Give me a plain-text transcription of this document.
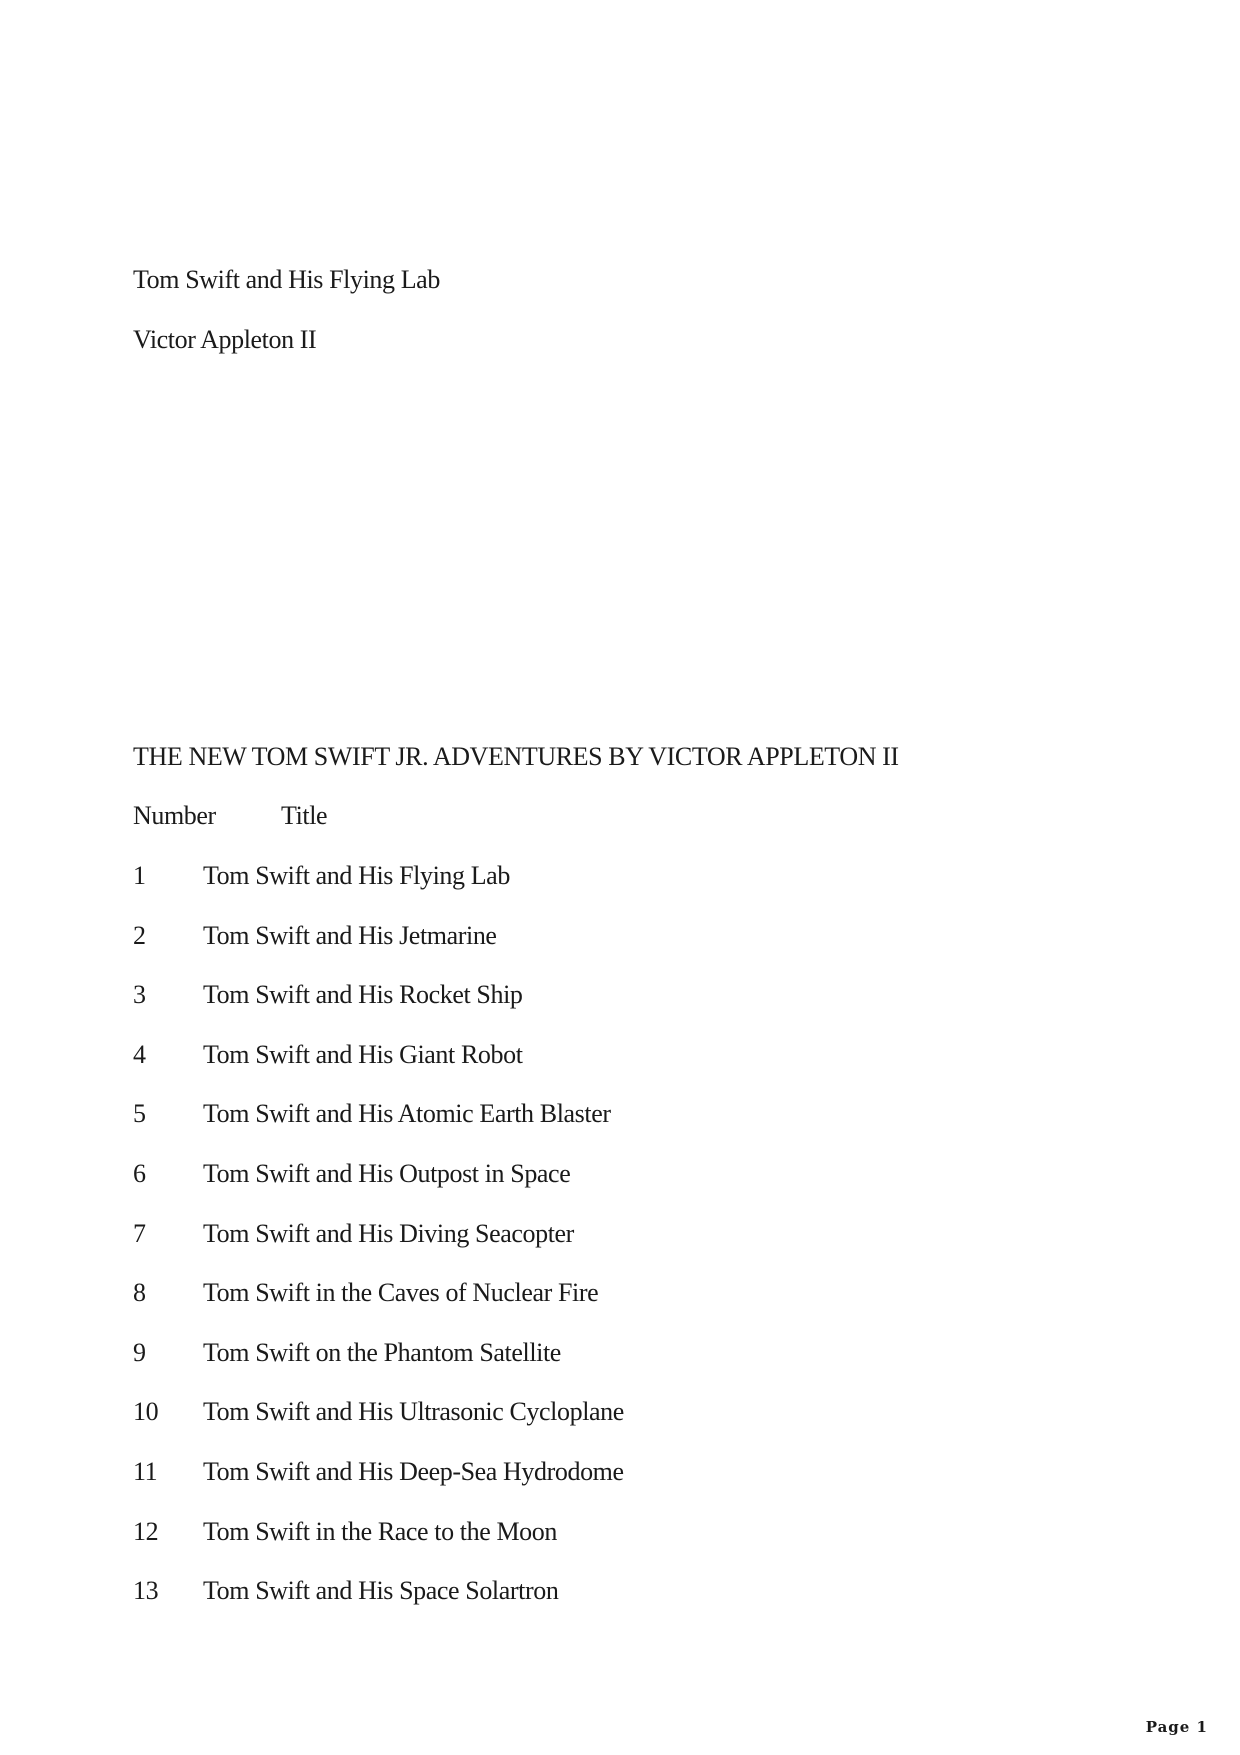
Tom Swift and His Flying Lab
Victor Appleton II
THE NEW TOM SWIFT JR. ADVENTURES BY VICTOR APPLETON II
Number	Title
1 Tom Swift and His Flying Lab
2 Tom Swift and His Jetmarine
3 Tom Swift and His Rocket Ship
4 Tom Swift and His Giant Robot
5 Tom Swift and His Atomic Earth Blaster
6 Tom Swift and His Outpost in Space
7 Tom Swift and His Diving Seacopter
8 Tom Swift in the Caves of Nuclear Fire
9 Tom Swift on the Phantom Satellite
10 Tom Swift and His Ultrasonic Cycloplane
11 Tom Swift and His Deep-Sea Hydrodome
12 Tom Swift in the Race to the Moon
13 Tom Swift and His Space Solartron
Page 1
